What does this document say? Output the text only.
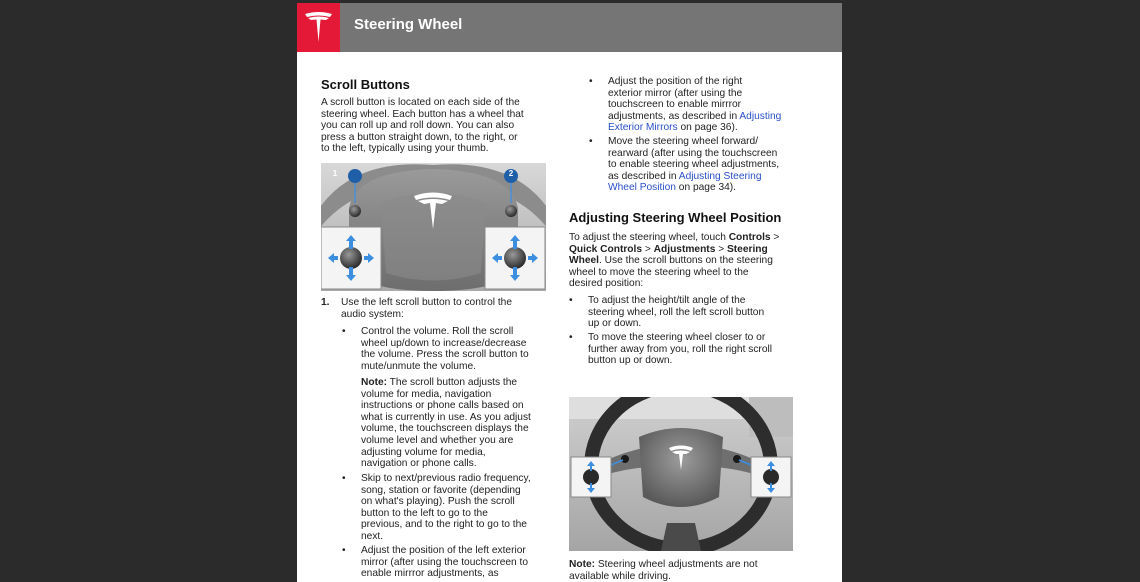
Steering Wheel
Scroll Buttons
A scroll button is located on each side of the
steering wheel. Each button has a wheel that
you can roll up and roll down. You can also
press a button straight down, to the right, or
to the left, typically using your thumb.
1	2
1. Use the left scroll button to control the
audio system:
• Control the volume. Roll the scroll
wheel up/down to increase/decrease
the volume. Press the scroll button to
mute/unmute the volume.
Note: The scroll button adjusts the
volume for media, navigation
instructions or phone calls based on
what is currently in use. As you adjust
volume, the touchscreen displays the
volume level and whether you are
adjusting volume for media,
navigation or phone calls.
• Skip to next/previous radio frequency,
song, station or favorite (depending
on what's playing). Push the scroll
button to the left to go to the
previous, and to the right to go to the
next.
• Adjust the position of the left exterior
mirror (after using the touchscreen to
enable mirrror adjustments, as
• Adjust the position of the right
exterior mirror (after using the
touchscreen to enable mirrror
adjustments, as described in Adjusting
Exterior Mirrors on page 36).
• Move the steering wheel forward/
rearward (after using the touchscreen
to enable steering wheel adjustments,
as described in Adjusting Steering
Wheel Position on page 34).
Adjusting Steering Wheel Position
To adjust the steering wheel, touch Controls >
Quick Controls > Adjustments > Steering
Wheel. Use the scroll buttons on the steering
wheel to move the steering wheel to the
desired position:
• To adjust the height/tilt angle of the
steering wheel, roll the left scroll button
up or down.
• To move the steering wheel closer to or
further away from you, roll the right scroll
button up or down.
Note: Steering wheel adjustments are not
available while driving.
